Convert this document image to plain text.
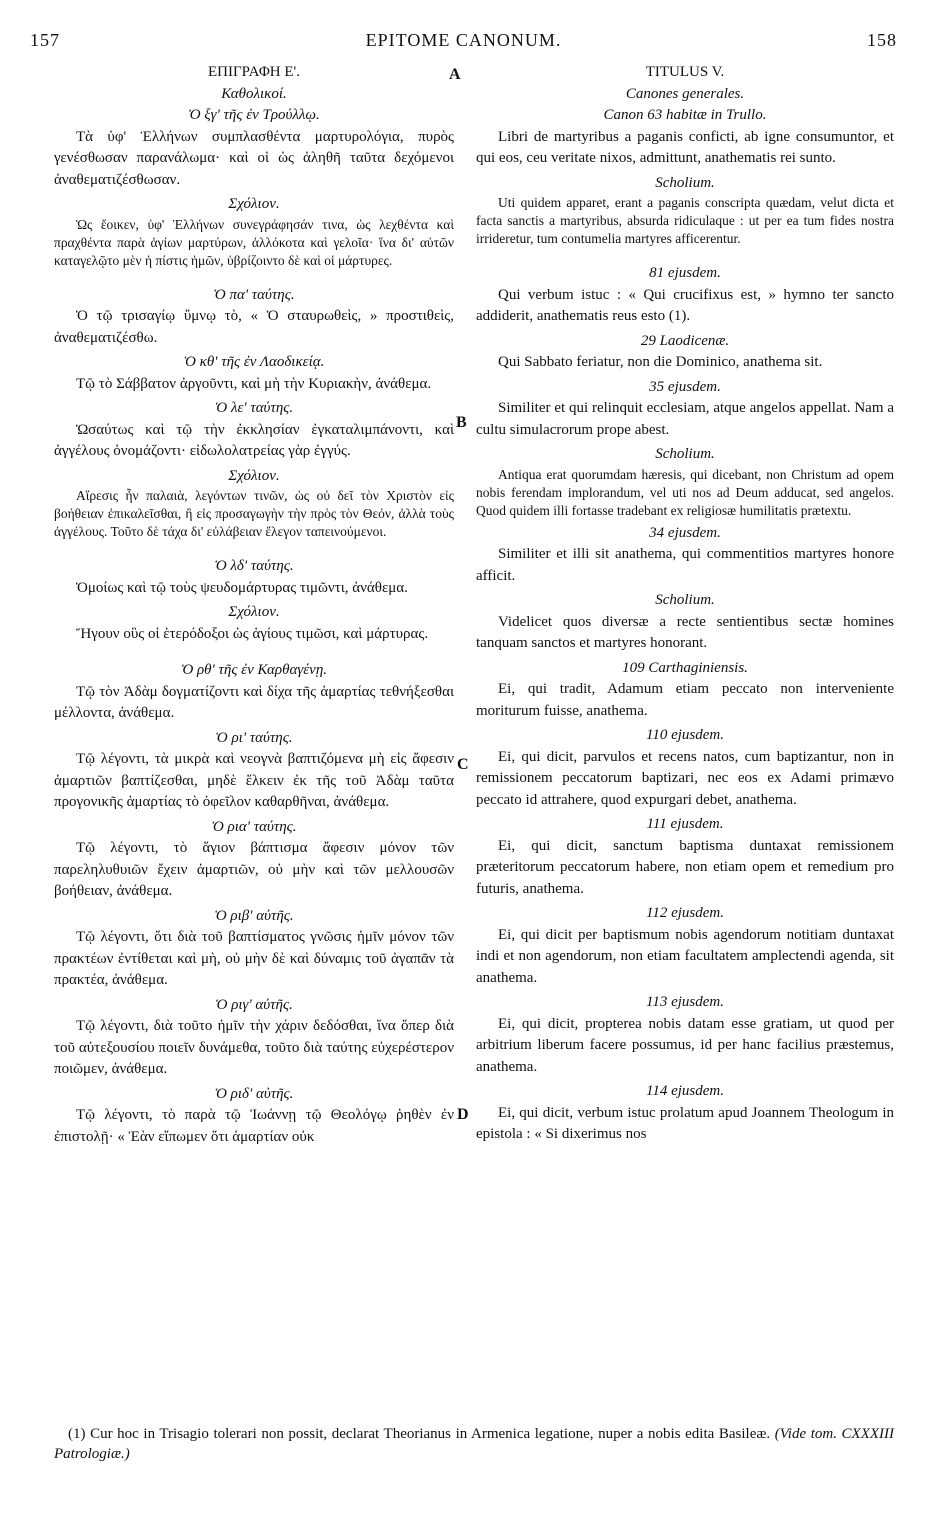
157	EPITOME CANONUM.	158
A
B
C
D
ΕΠΙΓΡΑΦΗ Ε'.
Καθολικοί.
Ὁ ξγ' τῆς ἐν Τρούλλῳ.

Τὰ ὑφ' Ἑλλήνων συμπλασθέντα μαρτυρολόγια, πυρὸς γενέσθωσαν παρανάλωμα· καὶ οἱ ὡς ἀληθῆ ταῦτα δεχόμενοι ἀναθεματιζέσθωσαν.

Σχόλιον.

Ὡς ἔοικεν, ὑφ' Ἑλλήνων συνεγράφησάν τινα, ὡς λεχθέντα καὶ πραχθέντα παρὰ ἁγίων μαρτύρων, ἀλλόκοτα καὶ γελοῖα· ἵνα δι' αὐτῶν καταγελῷτο μὲν ἡ πίστις ἡμῶν, ὑβρίζοιντο δὲ καὶ οἱ μάρτυρες.

Ὁ πα' ταύτης.

Ὁ τῷ τρισαγίῳ ὕμνῳ τὸ, « Ὁ σταυρωθεὶς, » προστιθεὶς, ἀναθεματιζέσθω.

Ὁ κθ' τῆς ἐν Λαοδικείᾳ.

Τῷ τὸ Σάββατον ἀργοῦντι, καὶ μὴ τὴν Κυριακὴν, ἀνάθεμα.

Ὁ λε' ταύτης.

Ὡσαύτως καὶ τῷ τὴν ἐκκλησίαν ἐγκαταλιμπάνοντι, καὶ ἀγγέλους ὀνομάζοντι· εἰδωλολατρείας γὰρ ἐγγύς.

Σχόλιον.

Αἵρεσις ἦν παλαιὰ, λεγόντων τινῶν, ὡς οὐ δεῖ τὸν Χριστὸν εἰς βοήθειαν ἐπικαλεῖσθαι, ἢ εἰς προσαγωγὴν τὴν πρὸς τὸν Θεόν, ἀλλὰ τοὺς ἀγγέλους. Τοῦτο δὲ τάχα δι' εὐλάβειαν ἔλεγον ταπεινούμενοι.

Ὁ λδ' ταύτης.

Ὁμοίως καὶ τῷ τοὺς ψευδομάρτυρας τιμῶντι, ἀνάθεμα.

Σχόλιον.

Ἤγουν οὓς οἱ ἑτερόδοξοι ὡς ἁγίους τιμῶσι, καὶ μάρτυρας.

Ὁ ρθ' τῆς ἐν Καρθαγένῃ.

Τῷ τὸν Ἀδὰμ δογματίζοντι καὶ δίχα τῆς ἁμαρτίας τεθνήξεσθαι μέλλοντα, ἀνάθεμα.

Ὁ ρι' ταύτης.

Τῷ λέγοντι, τὰ μικρὰ καὶ νεογνὰ βαπτιζόμενα μὴ εἰς ἄφεσιν ἁμαρτιῶν βαπτίζεσθαι, μηδὲ ἕλκειν ἐκ τῆς τοῦ Ἀδὰμ ταῦτα προγονικῆς ἁμαρτίας τὸ ὀφεῖλον καθαρθῆναι, ἀνάθεμα.

Ὁ ρια' ταύτης.

Τῷ λέγοντι, τὸ ἅγιον βάπτισμα ἄφεσιν μόνον τῶν παρεληλυθυιῶν ἔχειν ἁμαρτιῶν, οὐ μὴν καὶ τῶν μελλουσῶν βοήθειαν, ἀνάθεμα.

Ὁ ριβ' αὐτῆς.

Τῷ λέγοντι, ὅτι διὰ τοῦ βαπτίσματος γνῶσις ἡμῖν μόνον τῶν πρακτέων ἐντίθεται καὶ μὴ, οὐ μὴν δὲ καὶ δύναμις τοῦ ἀγαπᾶν τὰ πρακτέα, ἀνάθεμα.

Ὁ ριγ' αὐτῆς.

Τῷ λέγοντι, διὰ τοῦτο ἡμῖν τὴν χάριν δεδόσθαι, ἵνα ὅπερ διὰ τοῦ αὐτεξουσίου ποιεῖν δυνάμεθα, τοῦτο διὰ ταύτης εὐχερέστερον ποιῶμεν, ἀνάθεμα.

Ὁ ριδ' αὐτῆς.

Τῷ λέγοντι, τὸ παρὰ τῷ Ἰωάννῃ τῷ Θεολόγῳ ῥηθὲν ἐν ἐπιστολῇ· « Ἐὰν εἴπωμεν ὅτι ἁμαρτίαν οὐκ

TITULUS V.
Canones generales.
Canon 63 habitæ in Trullo.

Libri de martyribus a paganis conficti, ab igne consumuntor, et qui eos, ceu veritate nixos, admittunt, anathematis rei sunto.

Scholium.

Uti quidem apparet, erant a paganis conscripta quædam, velut dicta et facta sanctis a martyribus, absurda ridiculaque : ut per ea tum fides nostra irrideretur, tum contumelia martyres afficerentur.

81 ejusdem.

Qui verbum istuc : « Qui crucifixus est, » hymno ter sancto addiderit, anathematis reus esto (1).

29 Laodicenæ.

Qui Sabbato feriatur, non die Dominico, anathema sit.

35 ejusdem.

Similiter et qui relinquit ecclesiam, atque angelos appellat. Nam a cultu simulacrorum prope abest.

Scholium.

Antiqua erat quorumdam hæresis, qui dicebant, non Christum ad opem nobis ferendam implorandum, vel uti nos ad Deum adducat, sed angelos. Quod quidem illi fortasse tradebant ex religiosæ humilitatis prætextu.

34 ejusdem.

Similiter et illi sit anathema, qui commentitios martyres honore afficit.

Scholium.

Videlicet quos diversæ a recte sentientibus sectæ homines tanquam sanctos et martyres honorant.

109 Carthaginiensis.

Ei, qui tradit, Adamum etiam peccato non interveniente moriturum fuisse, anathema.

110 ejusdem.

Ei, qui dicit, parvulos et recens natos, cum baptizantur, non in remissionem peccatorum baptizari, nec eos ex Adami primævo peccato id attrahere, quod expurgari debet, anathema.

111 ejusdem.

Ei, qui dicit, sanctum baptisma duntaxat remissionem præteritorum peccatorum habere, non etiam opem et remedium pro futuris, anathema.

112 ejusdem.

Ei, qui dicit per baptismum nobis agendorum notitiam duntaxat indi et non agendorum, non etiam facultatem amplectendi agenda, sit anathema.

113 ejusdem.

Ei, qui dicit, propterea nobis datam esse gratiam, ut quod per arbitrium liberum facere possumus, id per hanc facilius præstemus, anathema.

114 ejusdem.

Ei, qui dicit, verbum istuc prolatum apud Joannem Theologum in epistola : « Si dixerimus nos

(1) Cur hoc in Trisagio tolerari non possit, declarat Theorianus in Armenica legatione, nuper a nobis edita Basileæ. (Vide tom. CXXXIII Patrologiæ.)
